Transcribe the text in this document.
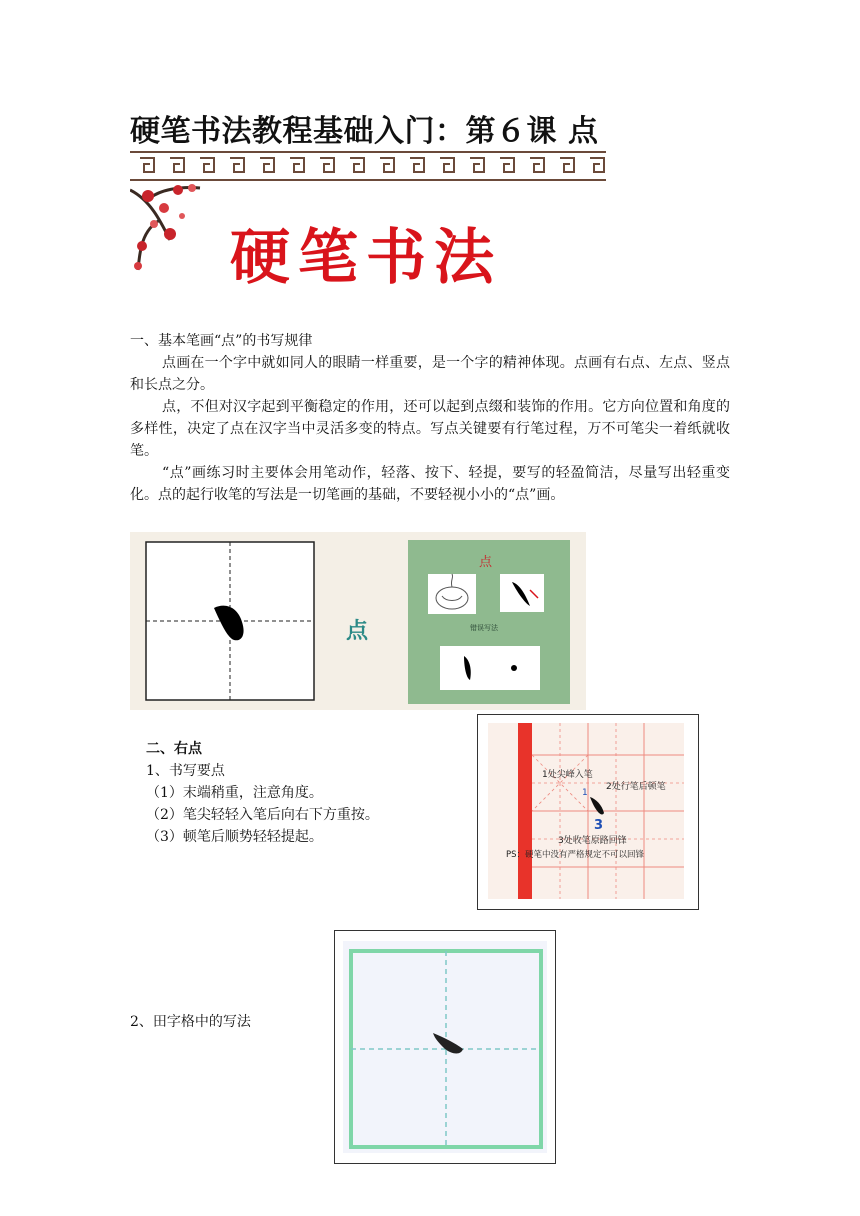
硬笔书法教程基础入门：第６课 点
硬笔书法
一、基本笔画“点”的书写规律
点画在一个字中就如同人的眼睛一样重要，是一个字的精神体现。点画有右点、左点、竖点和长点之分。
点，不但对汉字起到平衡稳定的作用，还可以起到点缀和装饰的作用。它方向位置和角度的多样性，决定了点在汉字当中灵活多变的特点。写点关键要有行笔过程，万不可笔尖一着纸就收笔。
“点”画练习时主要体会用笔动作，轻落、按下、轻提，要写的轻盈简洁，尽量写出轻重变化。点的起行收笔的写法是一切笔画的基础，不要轻视小小的“点”画。
点
点
错误写法
二、右点
1、书写要点
（1）末端稍重，注意角度。
（2）笔尖轻轻入笔后向右下方重按。
（3）顿笔后顺势轻轻提起。
1处尖峰入笔
2处行笔后顿笔
1
3
3处收笔原路回锋
PS：硬笔中没有严格规定不可以回锋
2、田字格中的写法
